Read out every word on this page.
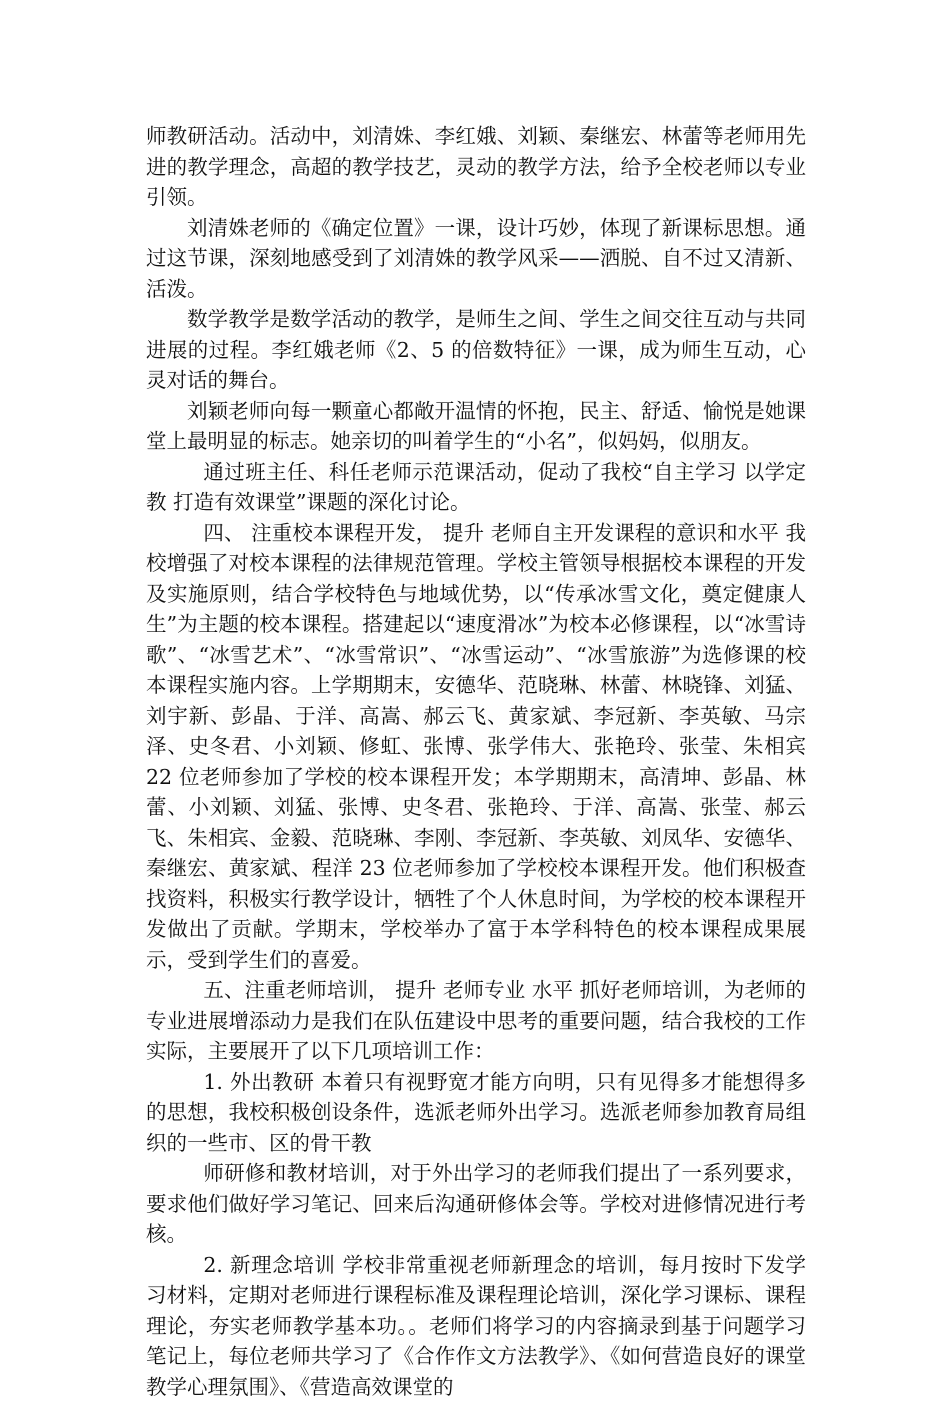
师教研活动。活动中，刘清姝、李红娥、刘颖、秦继宏、林蕾等老师用先进的教学理念，高超的教学技艺，灵动的教学方法，给予全校老师以专业引领。

刘清姝老师的《确定位置》一课，设计巧妙，体现了新课标思想。通过这节课，深刻地感受到了刘清姝的教学风采——洒脱、自不过又清新、活泼。

数学教学是数学活动的教学，是师生之间、学生之间交往互动与共同进展的过程。李红娥老师《2、5 的倍数特征》一课，成为师生互动，心灵对话的舞台。

刘颖老师向每一颗童心都敞开温情的怀抱，民主、舒适、愉悦是她课堂上最明显的标志。她亲切的叫着学生的“小名”，似妈妈，似朋友。

通过班主任、科任老师示范课活动，促动了我校“自主学习 以学定教 打造有效课堂”课题的深化讨论。

四、 注重校本课程开发， 提升 老师自主开发课程的意识和水平 我校增强了对校本课程的法律规范管理。学校主管领导根据校本课程的开发及实施原则，结合学校特色与地域优势，以“传承冰雪文化，奠定健康人生”为主题的校本课程。搭建起以“速度滑冰”为校本必修课程，以“冰雪诗歌”、“冰雪艺术”、“冰雪常识”、“冰雪运动”、“冰雪旅游”为选修课的校本课程实施内容。上学期期末，安德华、范晓琳、林蕾、林晓锋、刘猛、刘宇新、彭晶、于洋、高嵩、郝云飞、黄家斌、李冠新、李英敏、马宗泽、史冬君、小刘颖、修虹、张博、张学伟大、张艳玲、张莹、朱相宾 22 位老师参加了学校的校本课程开发；本学期期末，高清坤、彭晶、林蕾、小刘颖、刘猛、张博、史冬君、张艳玲、于洋、高嵩、张莹、郝云飞、朱相宾、金毅、范晓琳、李刚、李冠新、李英敏、刘凤华、安德华、秦继宏、黄家斌、程洋 23 位老师参加了学校校本课程开发。他们积极查找资料，积极实行教学设计，牺牲了个人休息时间，为学校的校本课程开发做出了贡献。学期末，学校举办了富于本学科特色的校本课程成果展示，受到学生们的喜爱。

五、注重老师培训， 提升 老师专业 水平 抓好老师培训，为老师的专业进展增添动力是我们在队伍建设中思考的重要问题，结合我校的工作实际，主要展开了以下几项培训工作：

1. 外出教研 本着只有视野宽才能方向明，只有见得多才能想得多的思想，我校积极创设条件，选派老师外出学习。选派老师参加教育局组织的一些市、区的骨干教

师研修和教材培训，对于外出学习的老师我们提出了一系列要求，要求他们做好学习笔记、回来后沟通研修体会等。学校对进修情况进行考核。

2. 新理念培训 学校非常重视老师新理念的培训，每月按时下发学习材料，定期对老师进行课程标准及课程理论培训，深化学习课标、课程理论，夯实老师教学基本功。。老师们将学习的内容摘录到基于问题学习笔记上，每位老师共学习了《合作作文方法教学》、《如何营造良好的课堂教学心理氛围》、《营造高效课堂的
